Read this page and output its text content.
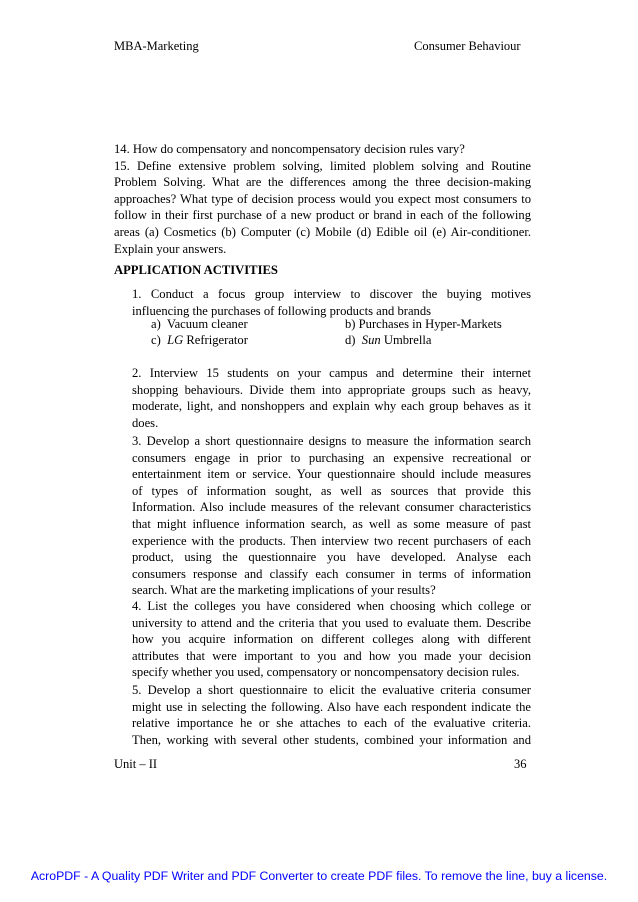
MBA-Marketing	Consumer Behaviour
14. How do compensatory and noncompensatory decision rules vary?
15. Define extensive problem solving, limited ploblem solving and Routine
Problem Solving. What are the differences among the three decision-making
approaches? What type of decision process would you expect most consumers to
follow in their first purchase of a new product or brand in each of the following
areas (a) Cosmetics (b) Computer (c) Mobile (d) Edible oil (e) Air-conditioner.
Explain your answers.
APPLICATION ACTIVITIES
1. Conduct a focus group interview to discover the buying motives
influencing the purchases of following products and brands
a) Vacuum cleaner	b) Purchases in Hyper-Markets
c) LG Refrigerator	d) Sun Umbrella
2. Interview 15 students on your campus and determine their internet
shopping behaviours. Divide them into appropriate groups such as heavy,
moderate, light, and nonshoppers and explain why each group behaves as it
does.
3. Develop a short questionnaire designs to measure the information search
consumers engage in prior to purchasing an expensive recreational or
entertainment item or service. Your questionnaire should include measures
of types of information sought, as well as sources that provide this
Information. Also include measures of the relevant consumer characteristics
that might influence information search, as well as some measure of past
experience with the products. Then interview two recent purchasers of each
product, using the questionnaire you have developed. Analyse each
consumers response and classify each consumer in terms of information
search. What are the marketing implications of your results?
4. List the colleges you have considered when choosing which college or
university to attend and the criteria that you used to evaluate them. Describe
how you acquire information on different colleges along with different
attributes that were important to you and how you made your decision
specify whether you used, compensatory or noncompensatory decision rules.
5. Develop a short questionnaire to elicit the evaluative criteria consumer
might use in selecting the following. Also have each respondent indicate the
relative importance he or she attaches to each of the evaluative criteria.
Then, working with several other students, combined your information and
Unit – II	36
AcroPDF - A Quality PDF Writer and PDF Converter to create PDF files. To remove the line, buy a license.
